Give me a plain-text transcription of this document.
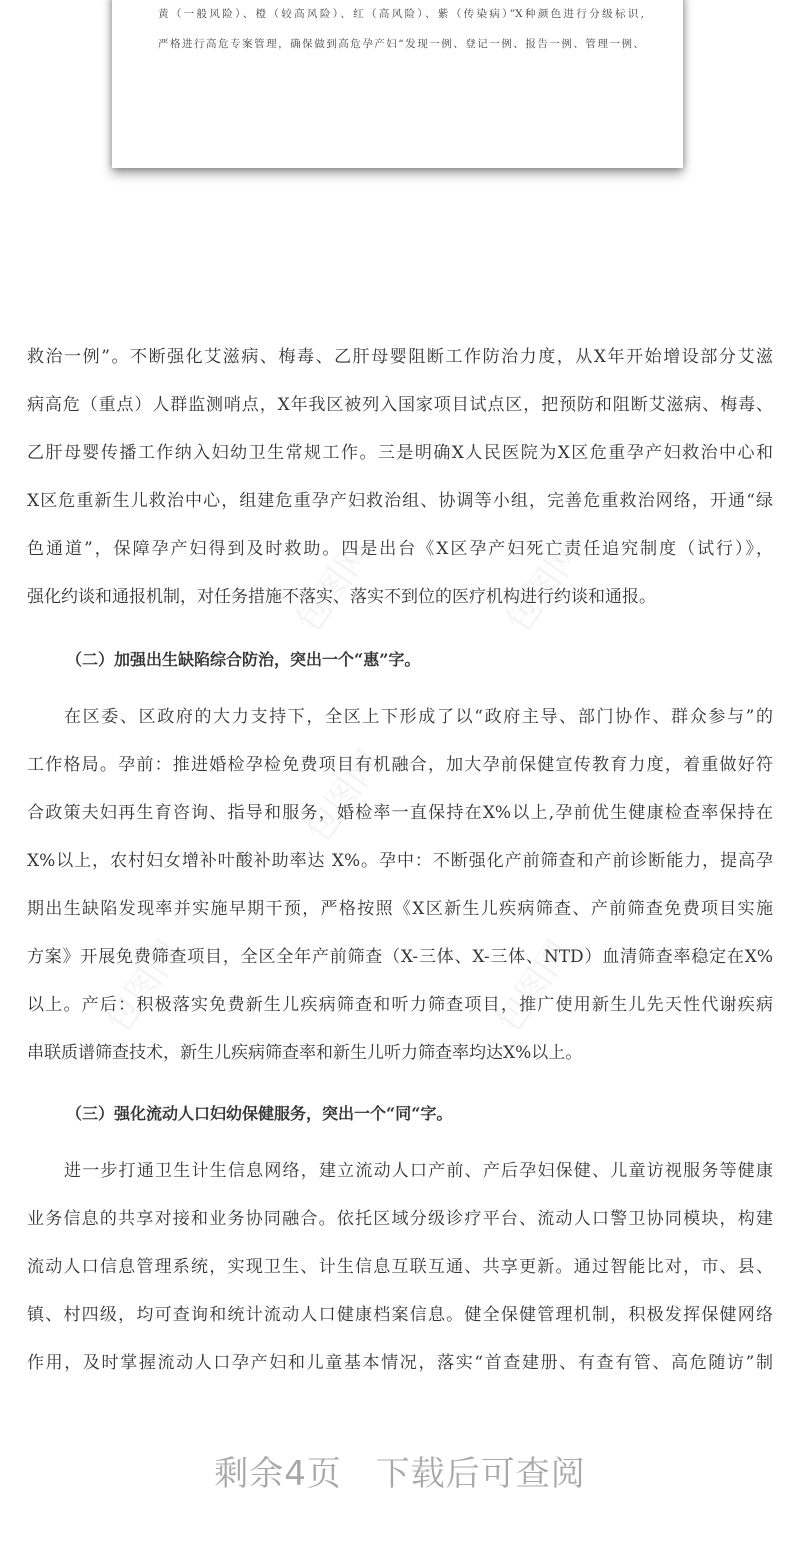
黄（一般风险）、橙（较高风险）、红（高风险）、紫（传染病）”X种颜色进行分级标识,
严格进行高危专案管理，确保做到高危孕产妇“发现一例、登记一例、报告一例、管理一例、
包图网	包图网
包图网
包图网	包图网
救治一例”。不断强化艾滋病、梅毒、乙肝母婴阻断工作防治力度，从X年开始增设部分艾滋
病高危（重点）人群监测哨点，X年我区被列入国家项目试点区，把预防和阻断艾滋病、梅毒、
乙肝母婴传播工作纳入妇幼卫生常规工作。三是明确X人民医院为X区危重孕产妇救治中心和
X区危重新生儿救治中心，组建危重孕产妇救治组、协调等小组，完善危重救治网络，开通“绿
色通道”，保障孕产妇得到及时救助。四是出台《X区孕产妇死亡责任追究制度（试行）》，
强化约谈和通报机制，对任务措施不落实、落实不到位的医疗机构进行约谈和通报。
（二）加强出生缺陷综合防治，突出一个“惠”字。
在区委、区政府的大力支持下，全区上下形成了以“政府主导、部门协作、群众参与”的
工作格局。孕前：推进婚检孕检免费项目有机融合，加大孕前保健宣传教育力度，着重做好符
合政策夫妇再生育咨询、指导和服务，婚检率一直保持在X%以上,孕前优生健康检查率保持在
X%以上，农村妇女增补叶酸补助率达 X%。孕中：不断强化产前筛查和产前诊断能力，提高孕
期出生缺陷发现率并实施早期干预，严格按照《X区新生儿疾病筛查、产前筛查免费项目实施
方案》开展免费筛查项目，全区全年产前筛查（X-三体、X-三体、NTD）血清筛查率稳定在X%
以上。产后：积极落实免费新生儿疾病筛查和听力筛查项目，推广使用新生儿先天性代谢疾病
串联质谱筛查技术，新生儿疾病筛查率和新生儿听力筛查率均达X%以上。
（三）强化流动人口妇幼保健服务，突出一个“同“字。
进一步打通卫生计生信息网络，建立流动人口产前、产后孕妇保健、儿童访视服务等健康
业务信息的共享对接和业务协同融合。依托区域分级诊疗平台、流动人口警卫协同模块，构建
流动人口信息管理系统，实现卫生、计生信息互联互通、共享更新。通过智能比对，市、县、
镇、村四级，均可查询和统计流动人口健康档案信息。健全保健管理机制，积极发挥保健网络
作用，及时掌握流动人口孕产妇和儿童基本情况，落实“首查建册、有查有管、高危随访”制
剩余4页 下载后可查阅
